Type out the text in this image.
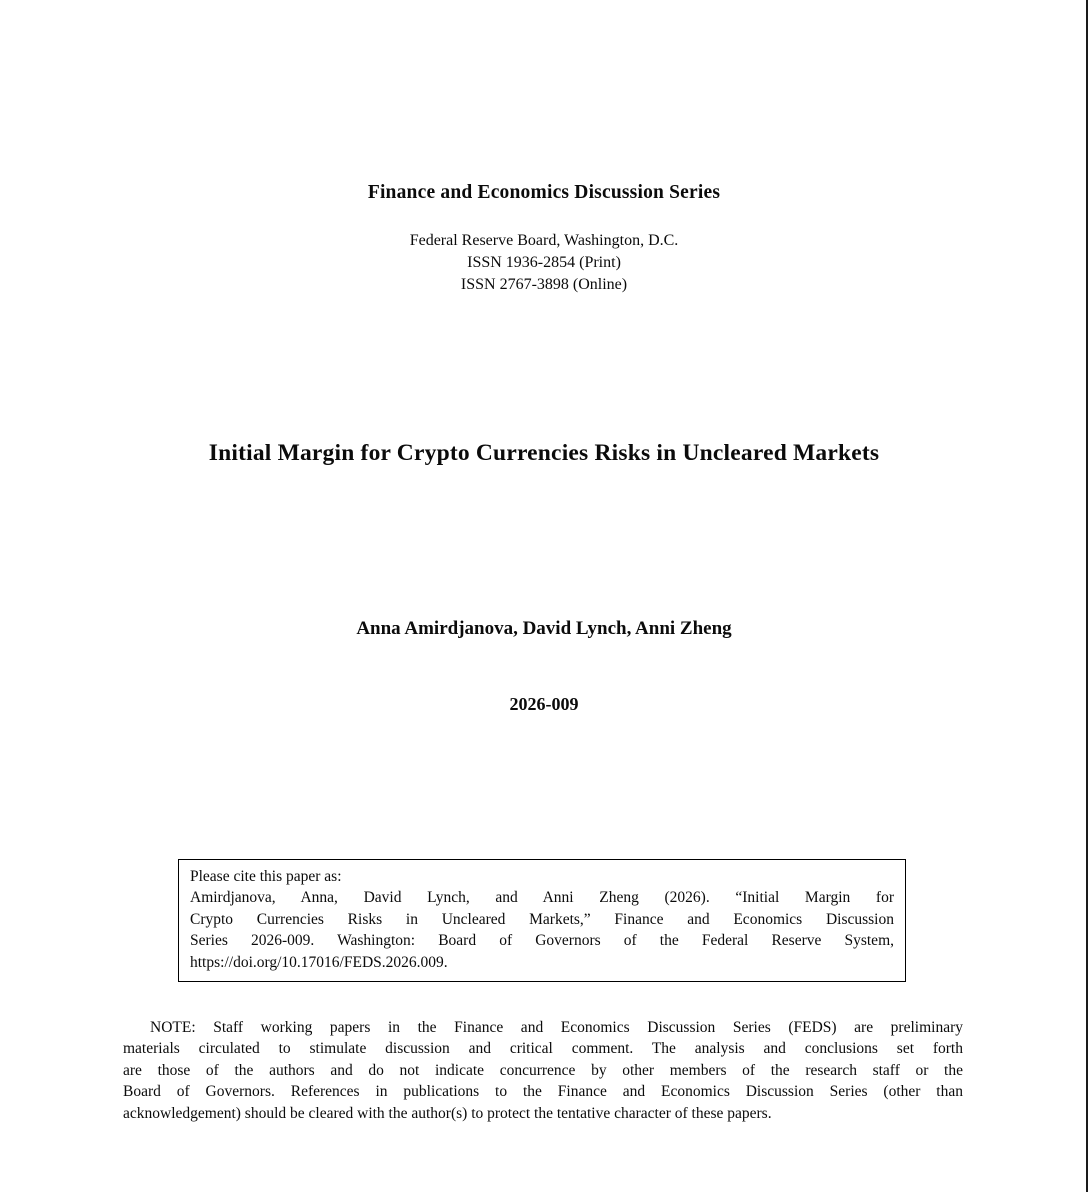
Finance and Economics Discussion Series
Federal Reserve Board, Washington, D.C.
ISSN 1936-2854 (Print)
ISSN 2767-3898 (Online)
Initial Margin for Crypto Currencies Risks in Uncleared Markets
Anna Amirdjanova, David Lynch, Anni Zheng
2026-009
Please cite this paper as:
Amirdjanova, Anna, David Lynch, and Anni Zheng (2026). “Initial Margin for
Crypto Currencies Risks in Uncleared Markets,” Finance and Economics Discussion
Series 2026-009. Washington: Board of Governors of the Federal Reserve System,
https://doi.org/10.17016/FEDS.2026.009.
NOTE: Staff working papers in the Finance and Economics Discussion Series (FEDS) are preliminary
materials circulated to stimulate discussion and critical comment. The analysis and conclusions set forth
are those of the authors and do not indicate concurrence by other members of the research staff or the
Board of Governors. References in publications to the Finance and Economics Discussion Series (other than
acknowledgement) should be cleared with the author(s) to protect the tentative character of these papers.
